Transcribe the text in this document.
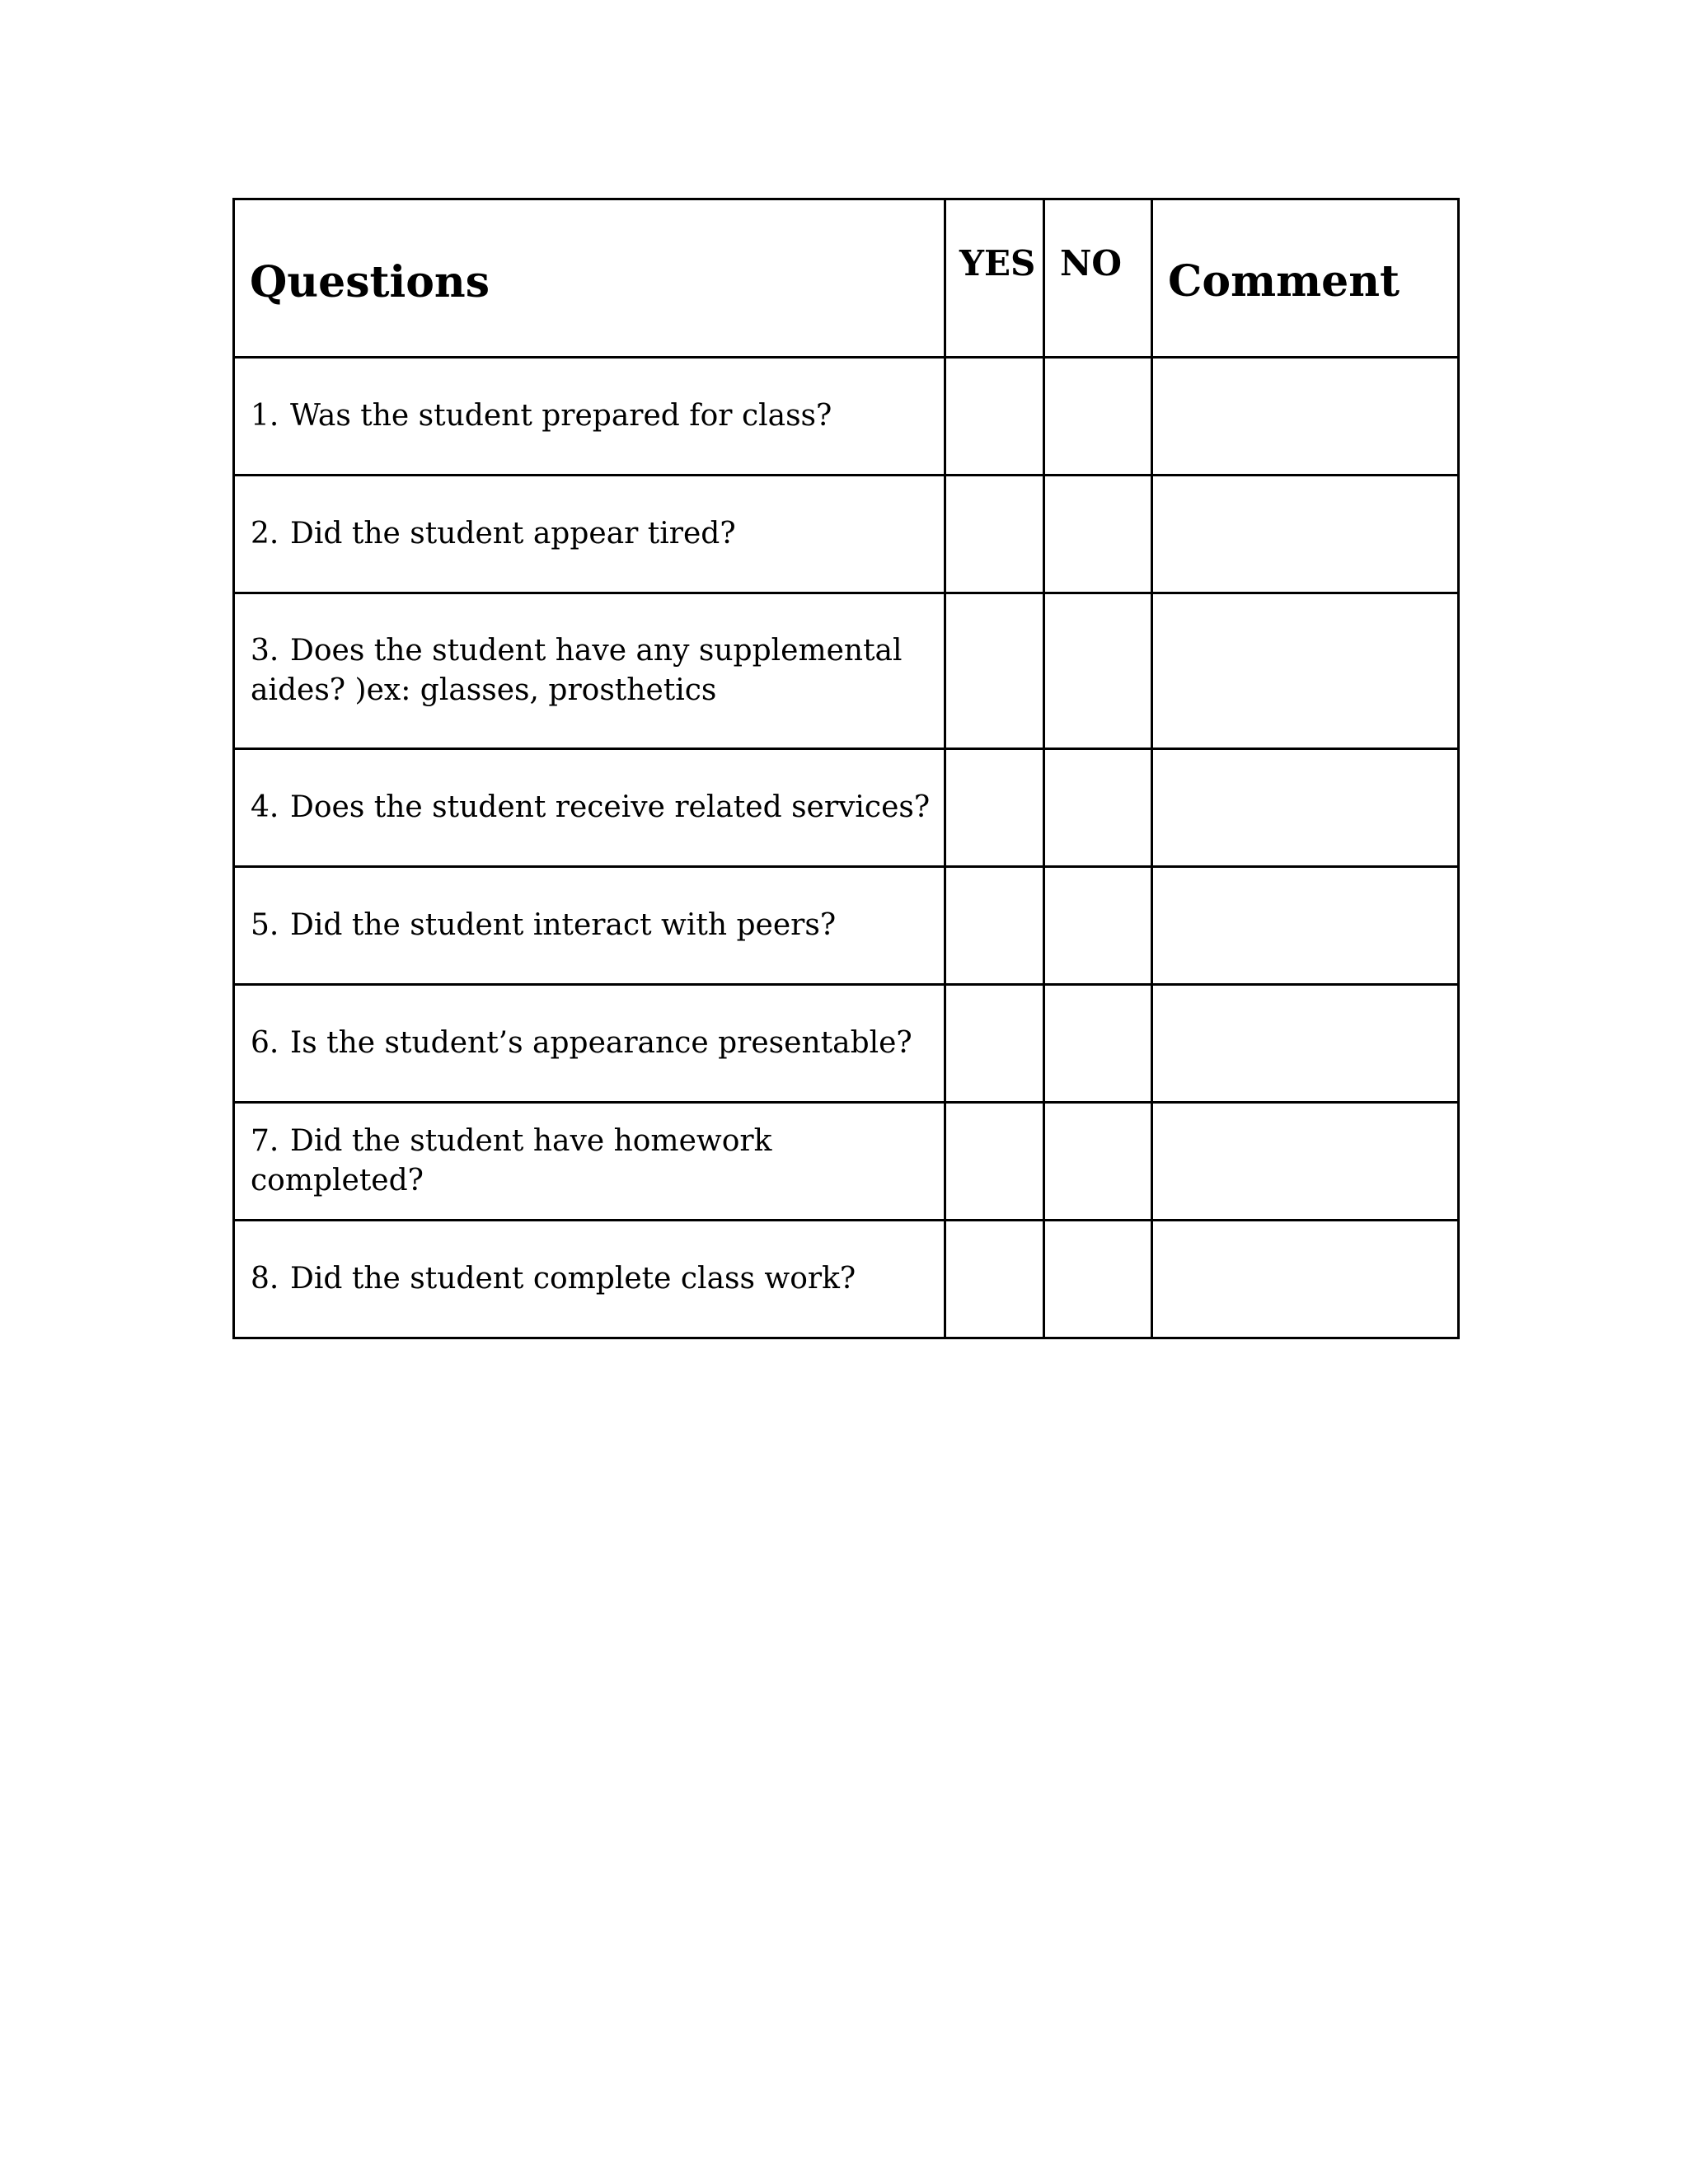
Questions	YES	NO	Comment
1. Was the student prepared for class?			
2. Did the student appear tired?			
3. Does the student have any supplemental aides? )ex: glasses, prosthetics			
4. Does the student receive related services?			
5. Did the student interact with peers?			
6. Is the student’s appearance presentable?			
7. Did the student have homework completed?			
8. Did the student complete class work?			
